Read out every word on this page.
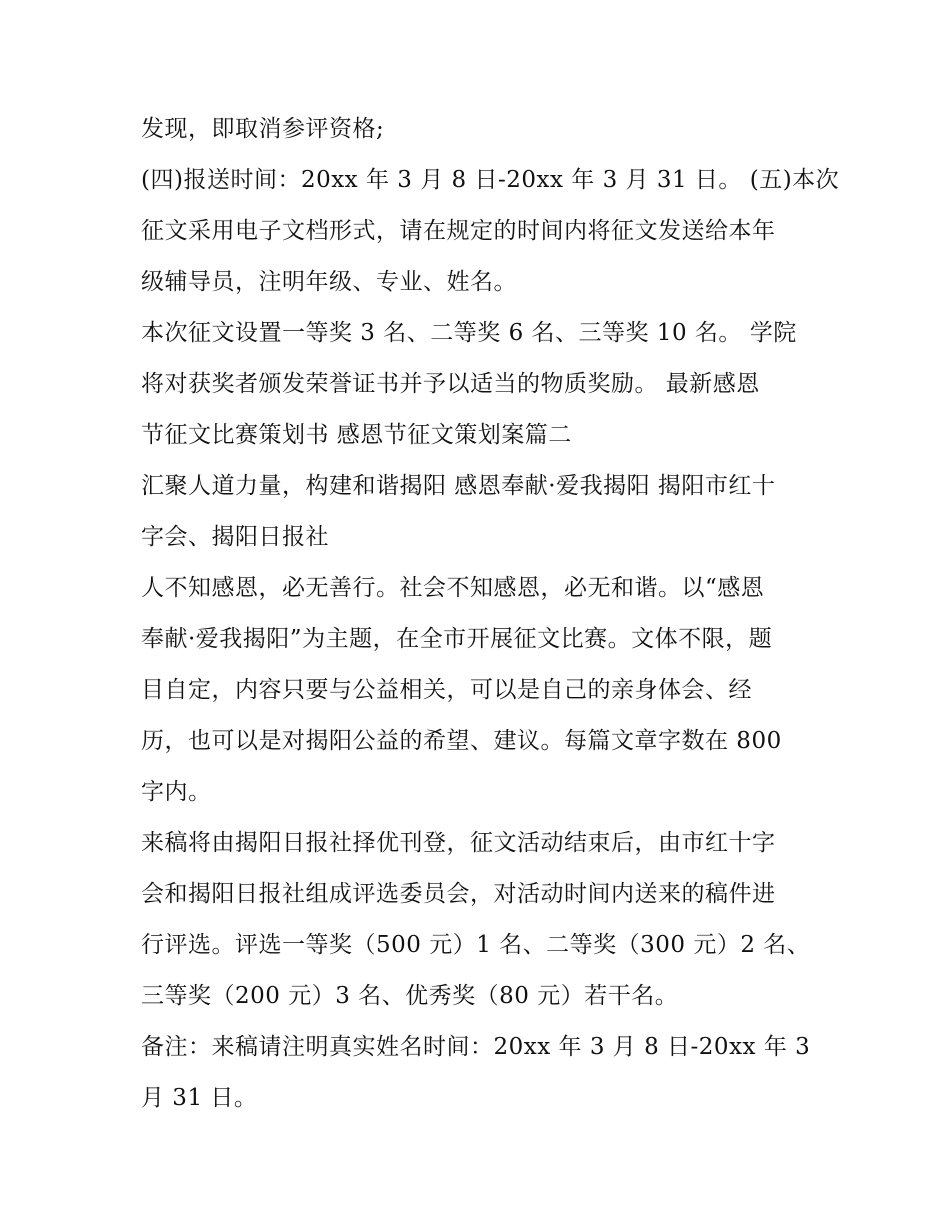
发现，即取消参评资格;
(四)报送时间：20xx 年 3 月 8 日-20xx 年 3 月 31 日。 (五)本次
征文采用电子文档形式，请在规定的时间内将征文发送给本年
级辅导员，注明年级、专业、姓名。
本次征文设置一等奖 3 名、二等奖 6 名、三等奖 10 名。 学院
将对获奖者颁发荣誉证书并予以适当的物质奖励。 最新感恩
节征文比赛策划书 感恩节征文策划案篇二
汇聚人道力量，构建和谐揭阳 感恩奉献·爱我揭阳 揭阳市红十
字会、揭阳日报社
人不知感恩，必无善行。社会不知感恩，必无和谐。以“感恩
奉献·爱我揭阳”为主题，在全市开展征文比赛。文体不限，题
目自定，内容只要与公益相关，可以是自己的亲身体会、经
历，也可以是对揭阳公益的希望、建议。每篇文章字数在 800
字内。
来稿将由揭阳日报社择优刊登，征文活动结束后，由市红十字
会和揭阳日报社组成评选委员会，对活动时间内送来的稿件进
行评选。评选一等奖（500 元）1 名、二等奖（300 元）2 名、
三等奖（200 元）3 名、优秀奖（80 元）若干名。
备注：来稿请注明真实姓名时间：20xx 年 3 月 8 日-20xx 年 3
月 31 日。
